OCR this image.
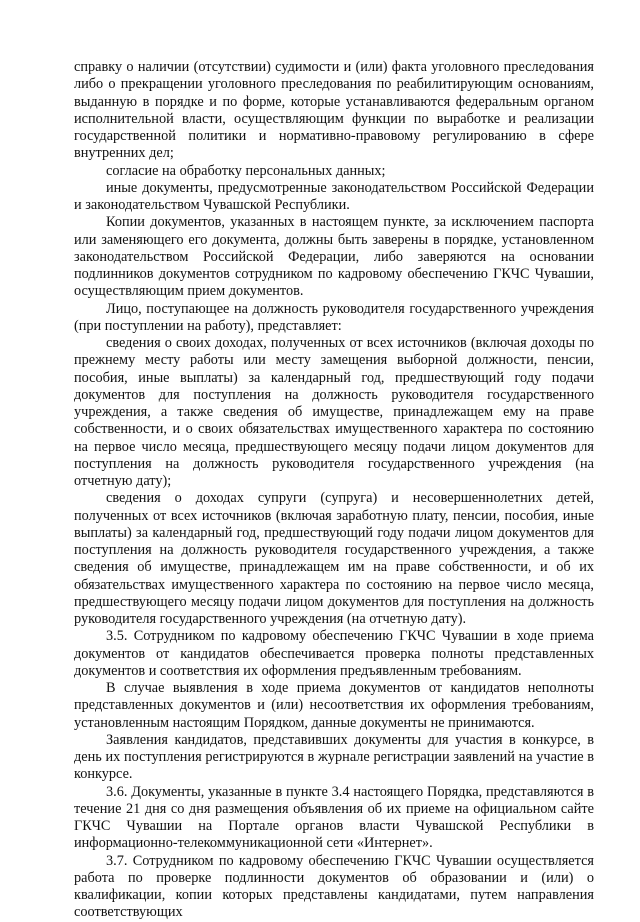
справку о наличии (отсутствии) судимости и (или) факта уголовного преследования либо о прекращении уголовного преследования по реабилитирующим основаниям, выданную в порядке и по форме, которые устанавливаются федеральным органом исполнительной власти, осуществляющим функции по выработке и реализации государственной политики и нормативно-правовому регулированию в сфере внутренних дел;

согласие на обработку персональных данных;

иные документы, предусмотренные законодательством Российской Федерации и законодательством Чувашской Республики.

Копии документов, указанных в настоящем пункте, за исключением паспорта или заменяющего его документа, должны быть заверены в порядке, установленном законодательством Российской Федерации, либо заверяются на основании подлинников документов сотрудником по кадровому обеспечению ГКЧС Чувашии, осуществляющим прием документов.

Лицо, поступающее на должность руководителя государственного учреждения (при поступлении на работу), представляет:

сведения о своих доходах, полученных от всех источников (включая доходы по прежнему месту работы или месту замещения выборной должности, пенсии, пособия, иные выплаты) за календарный год, предшествующий году подачи документов для поступления на должность руководителя государственного учреждения, а также сведения об имуществе, принадлежащем ему на праве собственности, и о своих обязательствах имущественного характера по состоянию на первое число месяца, предшествующего месяцу подачи лицом документов для поступления на должность руководителя государственного учреждения (на отчетную дату);

сведения о доходах супруги (супруга) и несовершеннолетних детей, полученных от всех источников (включая заработную плату, пенсии, пособия, иные выплаты) за календарный год, предшествующий году подачи лицом документов для поступления на должность руководителя государственного учреждения, а также сведения об имуществе, принадлежащем им на праве собственности, и об их обязательствах имущественного характера по состоянию на первое число месяца, предшествующего месяцу подачи лицом документов для поступления на должность руководителя государственного учреждения (на отчетную дату).

3.5. Сотрудником по кадровому обеспечению ГКЧС Чувашии в ходе приема документов от кандидатов обеспечивается проверка полноты представленных документов и соответствия их оформления предъявленным требованиям.

В случае выявления в ходе приема документов от кандидатов неполноты представленных документов и (или) несоответствия их оформления требованиям, установленным настоящим Порядком, данные документы не принимаются.

Заявления кандидатов, представивших документы для участия в конкурсе, в день их поступления регистрируются в журнале регистрации заявлений на участие в конкурсе.

3.6. Документы, указанные в пункте 3.4 настоящего Порядка, представляются в течение 21 дня со дня размещения объявления об их приеме на официальном сайте ГКЧС Чувашии на Портале органов власти Чувашской Республики в информационно-телекоммуникационной сети «Интернет».

3.7. Сотрудником по кадровому обеспечению ГКЧС Чувашии осуществляется работа по проверке подлинности документов об образовании и (или) о квалификации, копии которых представлены кандидатами, путем направления соответствующих
